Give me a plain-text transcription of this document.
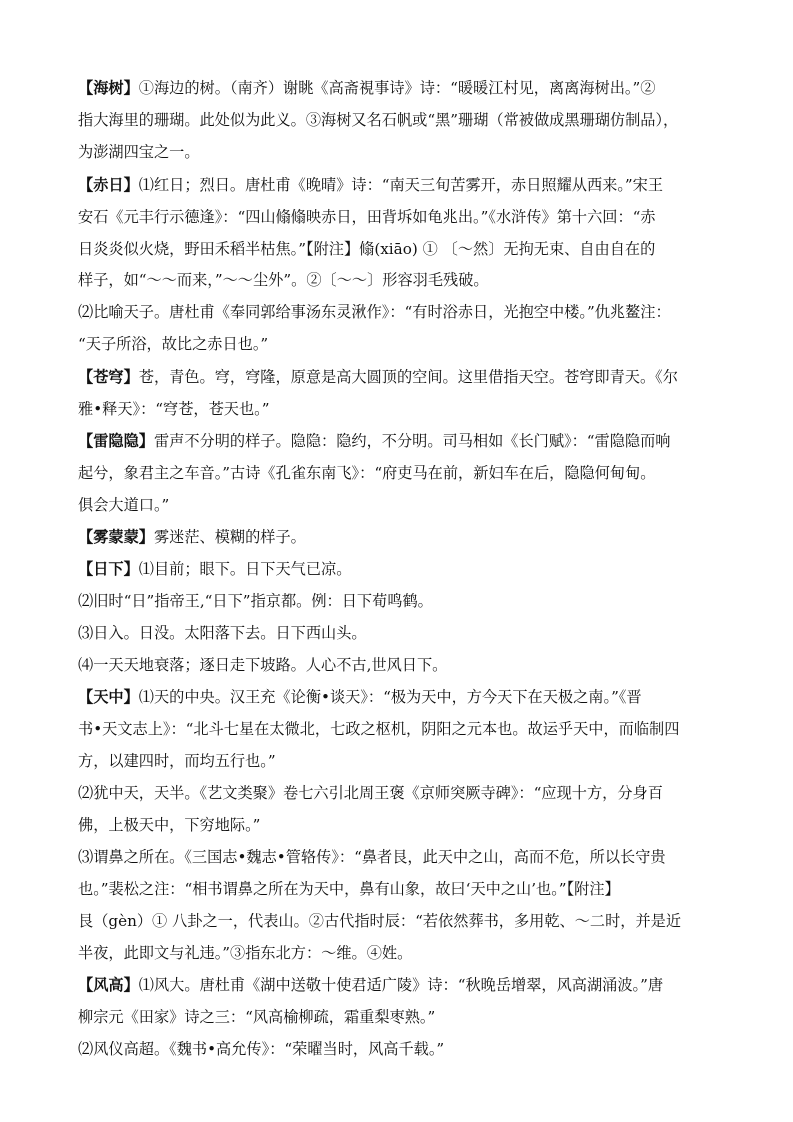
【海树】①海边的树。（南齐）谢眺《高斋視事诗》诗：“暖暖江村见，离离海树出。”②
指大海里的珊瑚。此处似为此义。③海树又名石帆或“黑”珊瑚（常被做成黑珊瑚仿制品），
为澎湖四宝之一。
【赤日】⑴红日；烈日。唐杜甫《晚晴》诗：“南天三旬苦雾开，赤日照耀从西来。”宋王
安石《元丰行示德逢》：“四山翛翛映赤日，田背坼如龟兆出。”《水浒传》第十六回：“赤
日炎炎似火烧，野田禾稻半枯焦。”【附注】翛(xiāo) ① 〔～然〕无拘无束、自由自在的
样子，如“～～而来，”～～尘外”。②〔～～〕形容羽毛残破。
⑵比喻天子。唐杜甫《奉同郭给事汤东灵湫作》：“有时浴赤日，光抱空中楼。”仇兆鳌注：
“天子所浴，故比之赤日也。”
【苍穹】苍，青色。穹，穹隆，原意是高大圆顶的空间。这里借指天空。苍穹即青天。《尔
雅•释天》：“穹苍，苍天也。”
【雷隐隐】雷声不分明的样子。隐隐：隐约，不分明。司马相如《长门赋》：“雷隐隐而响
起兮，象君主之车音。”古诗《孔雀东南飞》：“府吏马在前，新妇车在后，隐隐何甸甸。
俱会大道口。”
【雾蒙蒙】雾迷茫、模糊的样子。
【日下】⑴目前；眼下。日下天气已凉。
⑵旧时“日”指帝王,“日下”指京都。例：日下荀鸣鹤。
⑶日入。日没。太阳落下去。日下西山头。
⑷一天天地衰落；逐日走下坡路。人心不古,世风日下。
【天中】⑴天的中央。汉王充《论衡•谈天》：“极为天中，方今天下在天极之南。”《晋
书•天文志上》：“北斗七星在太微北，七政之枢机，阴阳之元本也。故运乎天中，而临制四
方，以建四时，而均五行也。”
⑵犹中天，天半。《艺文类聚》卷七六引北周王褒《京师突厥寺碑》：“应现十方，分身百
佛，上极天中，下穷地际。”
⑶谓鼻之所在。《三国志•魏志•管辂传》：“鼻者艮，此天中之山，高而不危，所以长守贵
也。”裴松之注：“相书谓鼻之所在为天中，鼻有山象，故曰‘天中之山’也。”【附注】
艮（gèn）① 八卦之一，代表山。②古代指时辰：“若依然葬书，多用乾、～二时，并是近
半夜，此即文与礼违。”③指东北方：～维。④姓。
【风高】⑴风大。唐杜甫《湖中送敬十使君适广陵》诗：“秋晚岳增翠，风高湖涌波。”唐
柳宗元《田家》诗之三：“风高榆柳疏，霜重梨枣熟。”
⑵风仪高超。《魏书•高允传》：“荣曜当时，风高千载。”
